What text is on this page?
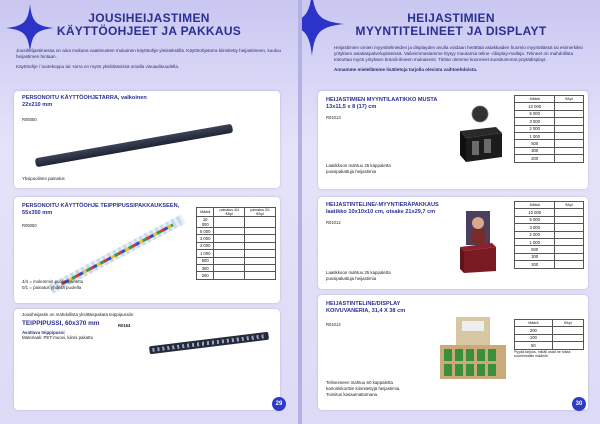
JOUSIHEIJASTIMEN
KÄYTTÖOHJEET JA PAKKAUS
Jousiheijastimessa on aina mukana vaatimusten mukainen käyttöohje yleistekstillä. Käyttöohjetarra kiinnitetty heijastimeen, kuuluu heijastimen hintaan.
Käyttöohje / tuotekoppu tai -tarra on myös yksilöitävissä omalla visuaalisuudella.
PERSONOITU KÄYTTÖOHJETARRA, valkoinen
22x210 mm
R05050
Yksipuolinen painatus
PERSONOITU KÄYTTÖOHJE TEIPPIPUSSIPAKKAUKSEEN,
55x350 mm
R05050
4/4 = molemmin puolin painettu
0/1 = painatus yhdellä puolella
Määrä	painatus 4/4 €/kpl	painatus 0/1 €/kpl
10 000		
5 000		
3 000		
2 000		
1 000		
500		
300		
200		
Jousiheijastin on mahdollista yksittäispakata teippipussiin
TEIPPIPUSSI, 60x370 mm	R0164
Avattava teippipussi
Materiaali: PET-muovi, kiinni pakattu
29
HEIJASTIMIEN
MYYNTITELINEET JA DISPLAYT
Heijastimien omien myyntitelineiden ja displayden avulla voidaan herättää asiakkaiden huomio myymälässä tai esimerkiksi yrityksen asiakaspalvelupisteissä. Vaikeimmastamme löytyy muutamia teline -/display-malleja. Telineet on mahdollista toteuttaa myös yrityksen brändi-ilmeen mukaisesti. Tähän olemme koonneet suosituimmat pöytädisplayt.
Annamme mielellämme lisätietoja tarjolla olevista vaihtoehdoista.
HEIJASTIMIEN MYYNTILAATIKKO MUSTA
13x11,5 x 8 (17) cm
R01013
Laatikkoon mahtuu 25 kappaletta
pussipakattuja heijastimia
Määrä	€/kpl
10 000	
5 000	
3 000	
2 000	
1 000	
500	
300	
200	
HEIJASTINTELINE/-MYYNTIERÄPAKKAUS
laatikko 10x10x10 cm, otsake 21x29,7 cm
R01012
Laatikkoon mahtuu 25 kappaletta
pussipakattuja heijastimia
Määrä	€/kpl
10 000	
5 000	
3 000	
2 000	
1 000	
500	
300	
200	
HEIJASTINTELINE/DISPLAY
KOIVUVANERIA, 31,4 X 38 cm
R01014
Telineeseen mahtuu 60 kappaletta
kartonkikorttiin kiinnitettyjä heijastimia.
Toimitus kasaamattomana.
Määrä	€/kpl
200	
100	
50	
Pyydä tarjous, mikäli ostat ne toista suurimmaille määrille.
30
